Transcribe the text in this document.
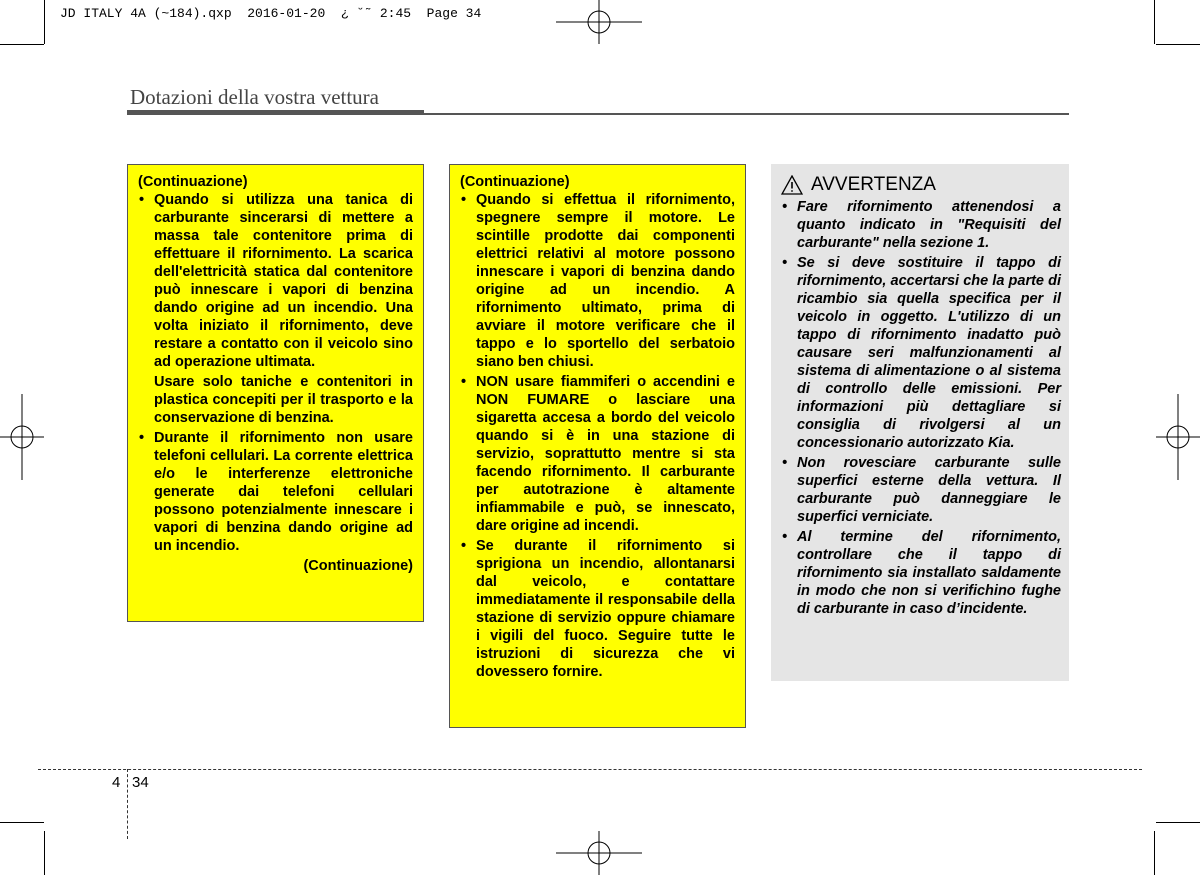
JD ITALY 4A (~184).qxp  2016-01-20  ¿ ˘˜ 2:45  Page 34
Dotazioni della vostra vettura
(Continuazione)

• Quando si utilizza una tanica di carburante sincerarsi di mettere a massa tale contenitore prima di effettuare il rifornimento. La scarica dell'elettricità statica dal contenitore può innescare i vapori di benzina dando origine ad un incendio. Una volta iniziato il rifornimento, deve restare a contatto con il veicolo sino ad operazione ultimata.

Usare solo taniche e contenitori in plastica concepiti per il trasporto e la conservazione di benzina.

• Durante il rifornimento non usare telefoni cellulari. La corrente elettrica e/o le interferenze elettroniche generate dai telefoni cellulari possono potenzialmente innescare i vapori di benzina dando origine ad un incendio.

(Continuazione)
(Continuazione)

• Quando si effettua il rifornimento, spegnere sempre il motore. Le scintille prodotte dai componenti elettrici relativi al motore possono innescare i vapori di benzina dando origine ad un incendio. A rifornimento ultimato, prima di avviare il motore verificare che il tappo e lo sportello del serbatoio siano ben chiusi.

• NON usare fiammiferi o accendini e NON FUMARE o lasciare una sigaretta accesa a bordo del veicolo quando si è in una stazione di servizio, soprattutto mentre si sta facendo rifornimento. Il carburante per autotrazione è altamente infiammabile e può, se innescato, dare origine ad incendi.

• Se durante il rifornimento si sprigiona un incendio, allontanarsi dal veicolo, e contattare immediatamente il responsabile della stazione di servizio oppure chiamare i vigili del fuoco. Seguire tutte le istruzioni di sicurezza che vi dovessero fornire.

AVVERTENZA

• Fare rifornimento attenendosi a quanto indicato in "Requisiti del carburante" nella sezione 1.

• Se si deve sostituire il tappo di rifornimento, accertarsi che la parte di ricambio sia quella specifica per il veicolo in oggetto. L'utilizzo di un tappo di rifornimento inadatto può causare seri malfunzionamenti al sistema di alimentazione o al sistema di controllo delle emissioni. Per informazioni più dettagliare si consiglia di rivolgersi al un concessionario autorizzato Kia.

• Non rovesciare carburante sulle superfici esterne della vettura. Il carburante può danneggiare le superfici verniciate.

• Al termine del rifornimento, controllare che il tappo di rifornimento sia installato saldamente in modo che non si verifichino fughe di carburante in caso d’incidente.

4 34
